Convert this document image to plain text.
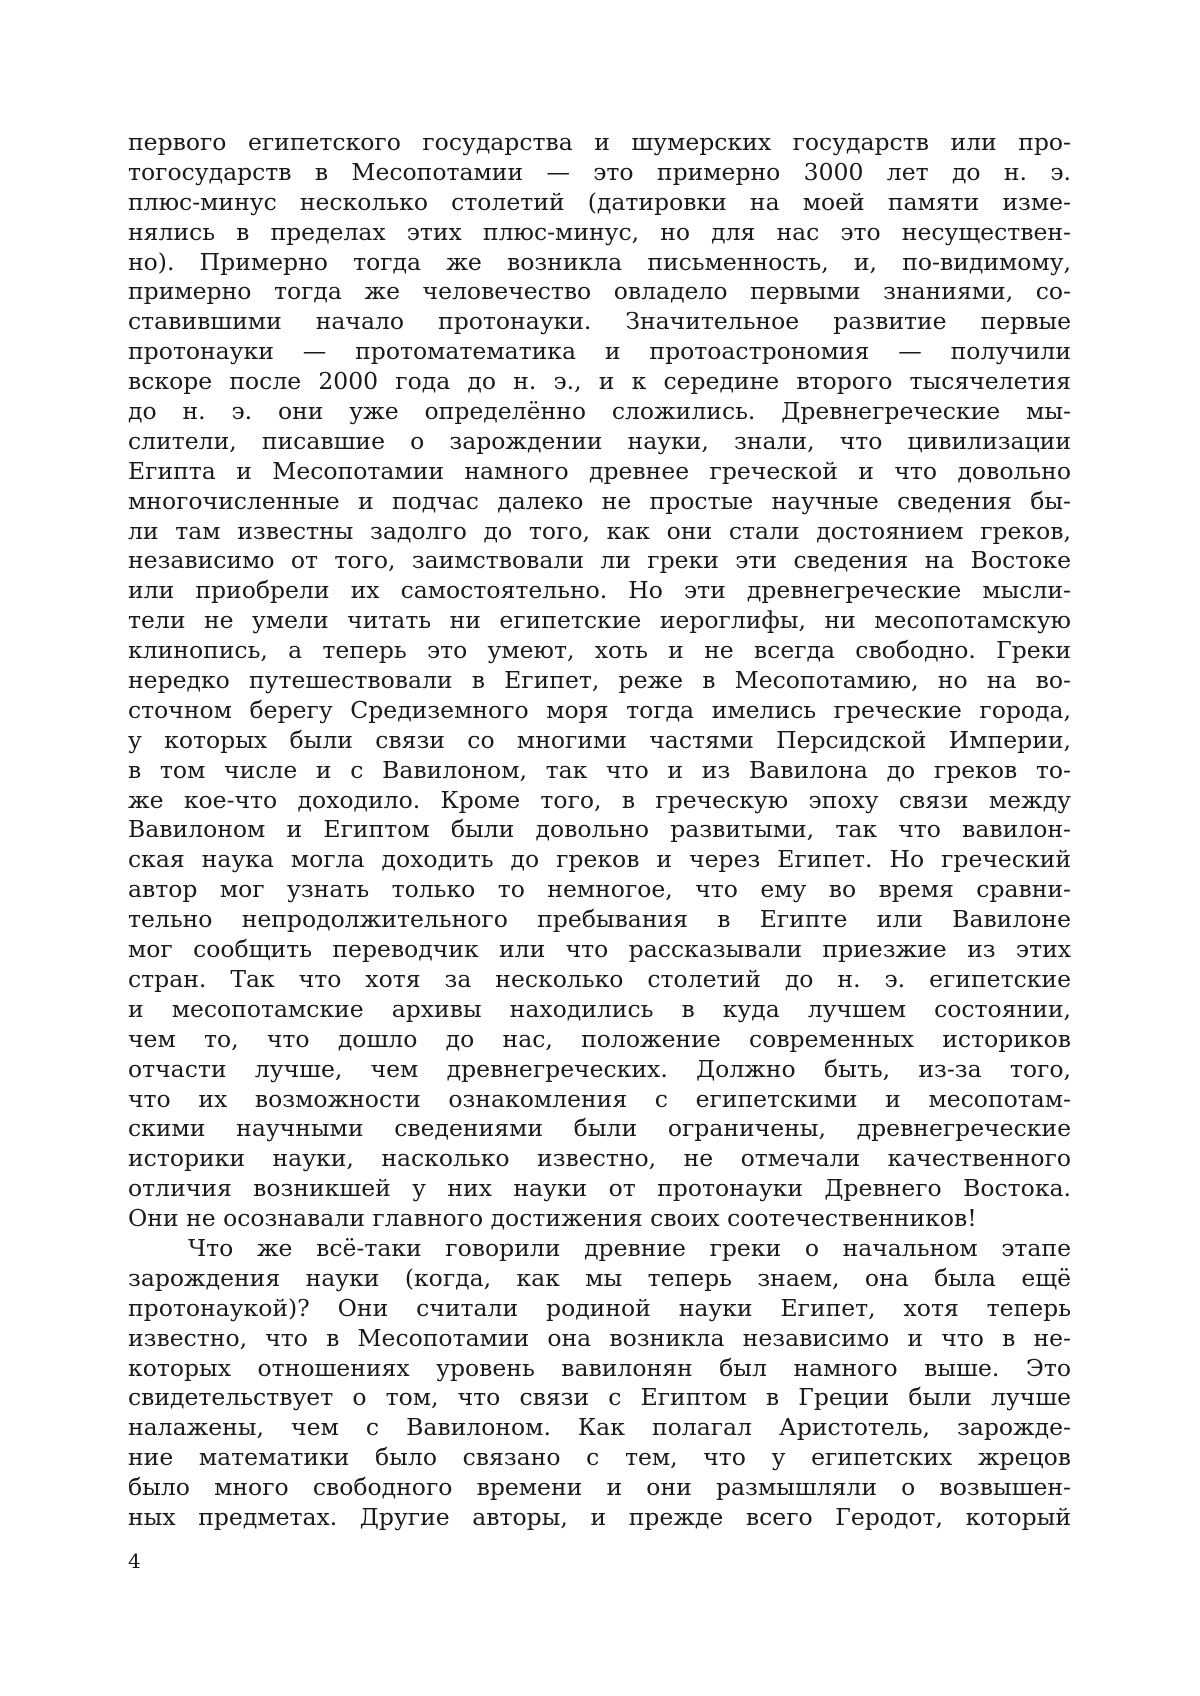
первого египетского государства и шумерских государств или про-
тогосударств в Месопотамии — это примерно 3000 лет до н. э.
плюс-минус несколько столетий (датировки на моей памяти изме-
нялись в пределах этих плюс-минус, но для нас это несуществен-
но). Примерно тогда же возникла письменность, и, по-видимому,
примерно тогда же человечество овладело первыми знаниями, со-
ставившими начало протонауки. Значительное развитие первые
протонауки — протоматематика и протоастрономия — получили
вскоре после 2000 года до н. э., и к середине второго тысячелетия
до н. э. они уже определённо сложились. Древнегреческие мы-
слители, писавшие о зарождении науки, знали, что цивилизации
Египта и Месопотамии намного древнее греческой и что довольно
многочисленные и подчас далеко не простые научные сведения бы-
ли там известны задолго до того, как они стали достоянием греков,
независимо от того, заимствовали ли греки эти сведения на Востоке
или приобрели их самостоятельно. Но эти древнегреческие мысли-
тели не умели читать ни египетские иероглифы, ни месопотамскую
клинопись, а теперь это умеют, хоть и не всегда свободно. Греки
нередко путешествовали в Египет, реже в Месопотамию, но на во-
сточном берегу Средиземного моря тогда имелись греческие города,
у которых были связи со многими частями Персидской Империи,
в том числе и с Вавилоном, так что и из Вавилона до греков то-
же кое-что доходило. Кроме того, в греческую эпоху связи между
Вавилоном и Египтом были довольно развитыми, так что вавилон-
ская наука могла доходить до греков и через Египет. Но греческий
автор мог узнать только то немногое, что ему во время сравни-
тельно непродолжительного пребывания в Египте или Вавилоне
мог сообщить переводчик или что рассказывали приезжие из этих
стран. Так что хотя за несколько столетий до н. э. египетские
и месопотамские архивы находились в куда лучшем состоянии,
чем то, что дошло до нас, положение современных историков
отчасти лучше, чем древнегреческих. Должно быть, из-за того,
что их возможности ознакомления с египетскими и месопотам-
скими научными сведениями были ограничены, древнегреческие
историки науки, насколько известно, не отмечали качественного
отличия возникшей у них науки от протонауки Древнего Востока.
Они не осознавали главного достижения своих соотечественников!
Что же всё-таки говорили древние греки о начальном этапе
зарождения науки (когда, как мы теперь знаем, она была ещё
протонаукой)? Они считали родиной науки Египет, хотя теперь
известно, что в Месопотамии она возникла независимо и что в не-
которых отношениях уровень вавилонян был намного выше. Это
свидетельствует о том, что связи с Египтом в Греции были лучше
налажены, чем с Вавилоном. Как полагал Аристотель, зарожде-
ние математики было связано с тем, что у египетских жрецов
было много свободного времени и они размышляли о возвышен-
ных предметах. Другие авторы, и прежде всего Геродот, который
4
